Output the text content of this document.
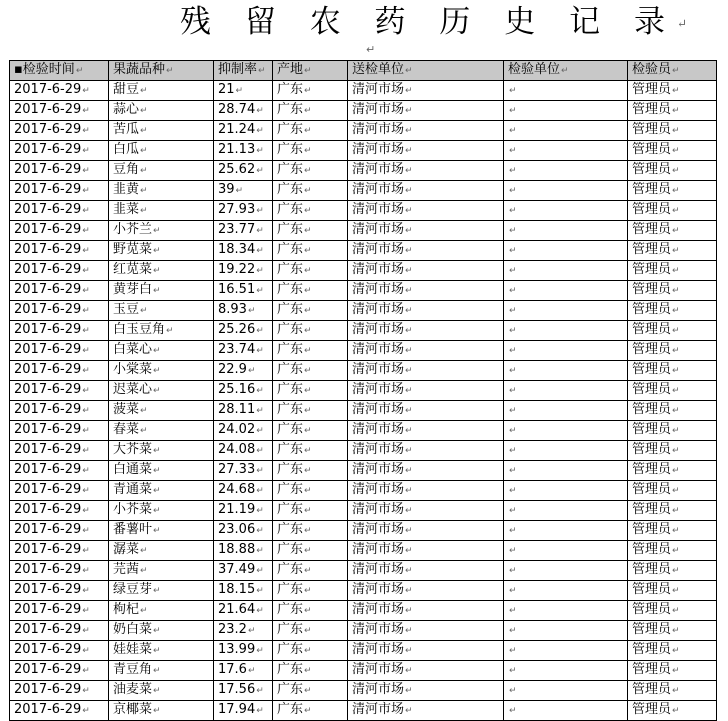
残 留 农 药 历 史 记 录↵
↵
▪检验时间↵	果蔬品种↵	抑制率↵	产地↵	送检单位↵	检验单位↵	检验员↵
2017-6-29↵	甜豆↵	21↵	广东↵	清河市场↵	↵	管理员↵
2017-6-29↵	蒜心↵	28.74↵	广东↵	清河市场↵	↵	管理员↵
2017-6-29↵	苦瓜↵	21.24↵	广东↵	清河市场↵	↵	管理员↵
2017-6-29↵	白瓜↵	21.13↵	广东↵	清河市场↵	↵	管理员↵
2017-6-29↵	豆角↵	25.62↵	广东↵	清河市场↵	↵	管理员↵
2017-6-29↵	韭黄↵	39↵	广东↵	清河市场↵	↵	管理员↵
2017-6-29↵	韭菜↵	27.93↵	广东↵	清河市场↵	↵	管理员↵
2017-6-29↵	小芥兰↵	23.77↵	广东↵	清河市场↵	↵	管理员↵
2017-6-29↵	野苋菜↵	18.34↵	广东↵	清河市场↵	↵	管理员↵
2017-6-29↵	红苋菜↵	19.22↵	广东↵	清河市场↵	↵	管理员↵
2017-6-29↵	黄芽白↵	16.51↵	广东↵	清河市场↵	↵	管理员↵
2017-6-29↵	玉豆↵	8.93↵	广东↵	清河市场↵	↵	管理员↵
2017-6-29↵	白玉豆角↵	25.26↵	广东↵	清河市场↵	↵	管理员↵
2017-6-29↵	白菜心↵	23.74↵	广东↵	清河市场↵	↵	管理员↵
2017-6-29↵	小棠菜↵	22.9↵	广东↵	清河市场↵	↵	管理员↵
2017-6-29↵	迟菜心↵	25.16↵	广东↵	清河市场↵	↵	管理员↵
2017-6-29↵	菠菜↵	28.11↵	广东↵	清河市场↵	↵	管理员↵
2017-6-29↵	春菜↵	24.02↵	广东↵	清河市场↵	↵	管理员↵
2017-6-29↵	大芥菜↵	24.08↵	广东↵	清河市场↵	↵	管理员↵
2017-6-29↵	白通菜↵	27.33↵	广东↵	清河市场↵	↵	管理员↵
2017-6-29↵	青通菜↵	24.68↵	广东↵	清河市场↵	↵	管理员↵
2017-6-29↵	小芥菜↵	21.19↵	广东↵	清河市场↵	↵	管理员↵
2017-6-29↵	番薯叶↵	23.06↵	广东↵	清河市场↵	↵	管理员↵
2017-6-29↵	潺菜↵	18.88↵	广东↵	清河市场↵	↵	管理员↵
2017-6-29↵	芫茜↵	37.49↵	广东↵	清河市场↵	↵	管理员↵
2017-6-29↵	绿豆芽↵	18.15↵	广东↵	清河市场↵	↵	管理员↵
2017-6-29↵	枸杞↵	21.64↵	广东↵	清河市场↵	↵	管理员↵
2017-6-29↵	奶白菜↵	23.2↵	广东↵	清河市场↵	↵	管理员↵
2017-6-29↵	娃娃菜↵	13.99↵	广东↵	清河市场↵	↵	管理员↵
2017-6-29↵	青豆角↵	17.6↵	广东↵	清河市场↵	↵	管理员↵
2017-6-29↵	油麦菜↵	17.56↵	广东↵	清河市场↵	↵	管理员↵
2017-6-29↵	京椰菜↵	17.94↵	广东↵	清河市场↵	↵	管理员↵
